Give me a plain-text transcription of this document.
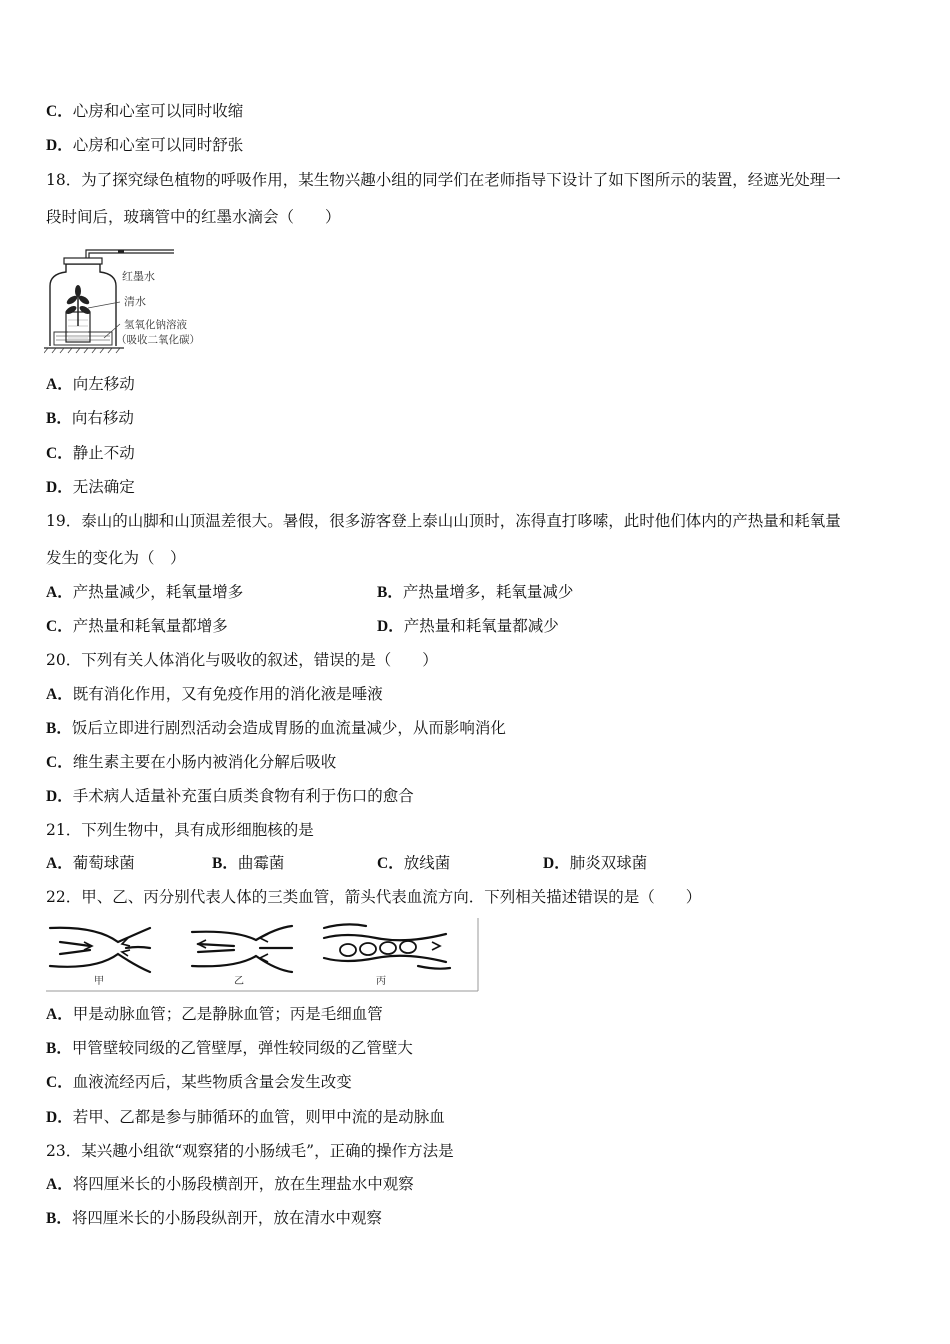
C．心房和心室可以同时收缩
D．心房和心室可以同时舒张
18．为了探究绿色植物的呼吸作用，某生物兴趣小组的同学们在老师指导下设计了如下图所示的装置，经遮光处理一
段时间后，玻璃管中的红墨水滴会（　　）
红墨水
清水
氢氧化钠溶液
（吸收二氧化碳）
A．向左移动
B．向右移动
C．静止不动
D．无法确定
19．泰山的山脚和山顶温差很大。暑假，很多游客登上泰山山顶时，冻得直打哆嗦，此时他们体内的产热量和耗氧量
发生的变化为（　）
A．产热量减少，耗氧量增多	B．产热量增多，耗氧量减少
C．产热量和耗氧量都增多	D．产热量和耗氧量都减少
20．下列有关人体消化与吸收的叙述，错误的是（　　）
A．既有消化作用，又有免疫作用的消化液是唾液
B．饭后立即进行剧烈活动会造成胃肠的血流量减少，从而影响消化
C．维生素主要在小肠内被消化分解后吸收
D．手术病人适量补充蛋白质类食物有利于伤口的愈合
21．下列生物中，具有成形细胞核的是
A．葡萄球菌	B．曲霉菌	C．放线菌	D．肺炎双球菌
22．甲、乙、丙分别代表人体的三类血管，箭头代表血流方向．下列相关描述错误的是（　　）
甲	乙	丙
A．甲是动脉血管；乙是静脉血管；丙是毛细血管
B．甲管壁较同级的乙管壁厚，弹性较同级的乙管壁大
C．血液流经丙后，某些物质含量会发生改变
D．若甲、乙都是参与肺循环的血管，则甲中流的是动脉血
23．某兴趣小组欲“观察猪的小肠绒毛”，正确的操作方法是
A．将四厘米长的小肠段横剖开，放在生理盐水中观察
B．将四厘米长的小肠段纵剖开，放在清水中观察
